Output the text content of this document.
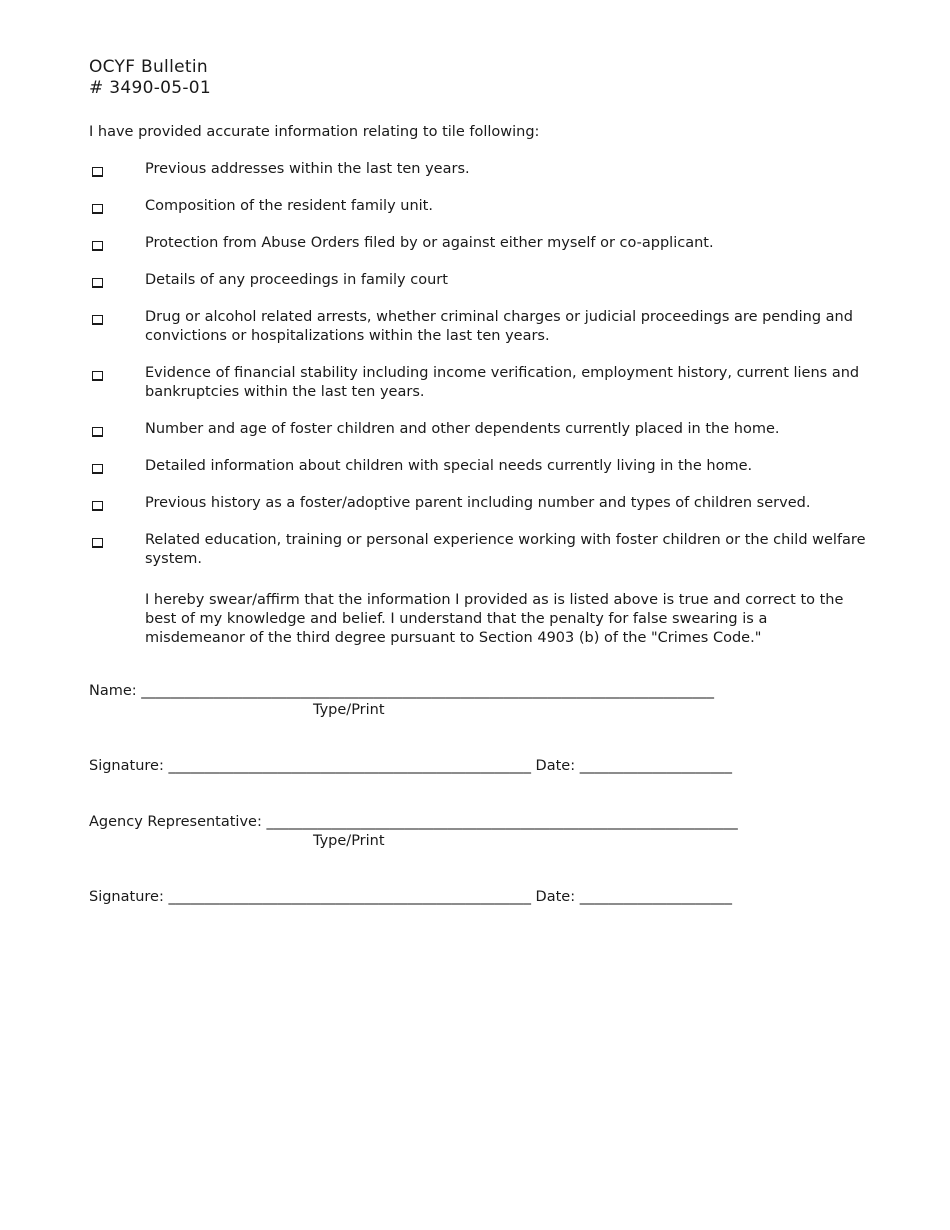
OCYF Bulletin
# 3490-05-01
I have provided accurate information relating to tile following:
Previous addresses within the last ten years.
Composition of the resident family unit.
Protection from Abuse Orders filed by or against either myself or co-applicant.
Details of any proceedings in family court
Drug or alcohol related arrests, whether criminal charges or judicial proceedings are pending and convictions or hospitalizations within the last ten years.
Evidence of financial stability including income verification, employment history, current liens and bankruptcies within the last ten years.
Number and age of foster children and other dependents currently placed in the home.
Detailed information about children with special needs currently living in the home.
Previous history as a foster/adoptive parent including number and types of children served.
Related education, training or personal experience working with foster children or the child welfare system.
I hereby swear/affirm that the information I provided as is listed above is true and correct to the best of my knowledge and belief. I understand that the penalty for false swearing is a misdemeanor of the third degree pursuant to Section 4903 (b) of the "Crimes Code."
Name: _______________________________________________________________________________
Type/Print
Signature: __________________________________________________ Date: _____________________
Agency Representative: _________________________________________________________________
Type/Print
Signature: __________________________________________________ Date: _____________________
